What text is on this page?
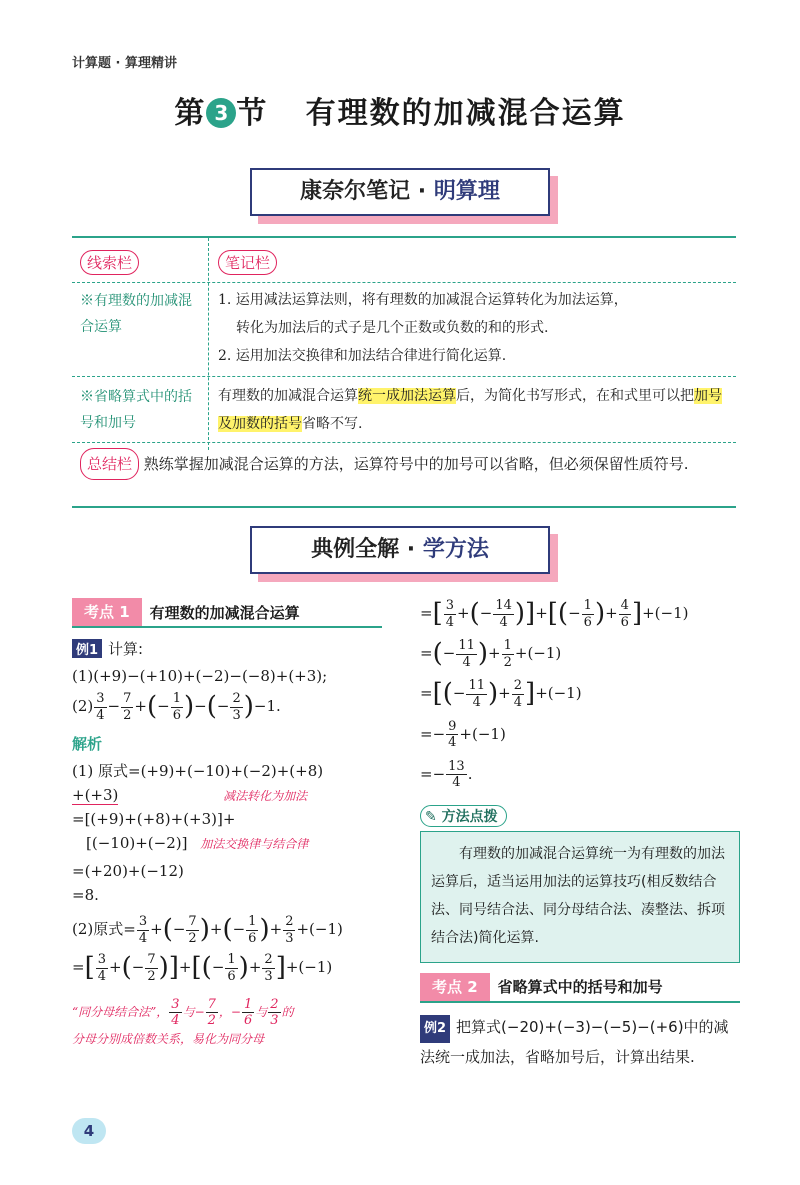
计算题 · 算理精讲
第 3 节 有理数的加减混合运算
康奈尔笔记 · 明算理
线索栏	笔记栏
※有理数的加减混合运算
1. 运用减法运算法则，将有理数的加减混合运算转化为加法运算，
转化为加法后的式子是几个正数或负数的和的形式.
2. 运用加法交换律和加法结合律进行简化运算.
※省略算式中的括号和加号
有理数的加减混合运算统一成加法运算后，为简化书写形式，在和式里可以把加号及加数的括号省略不写.
总结栏 熟练掌握加减混合运算的方法，运算符号中的加号可以省略，但必须保留性质符号.
典例全解 · 学方法
考点 1	有理数的加减混合运算
例1 计算:
(1)(+9)−(+10)+(−2)−(−8)+(+3);
$(2) \frac{3}{4} - \frac{7}{2}$ +(− $\frac{1}{6}$ )−(− $\frac{2}{3} )-1$.
解析
(1) 原式=(+9)+(−10)+(−2)+(+8)
+(+3)	减法转化为加法
=[(+9)+(+8)+(+3)]+
[(−10)+(−2)] 加法交换律与结合律
=(+20)+(−12)
=8.
(2)原式= $\frac{3}{4}$ +(− $\frac{7}{2}$ )+(− $\frac{1}{6}$ )+ $\frac{2}{3} +(-1)$
=[ $\frac{3}{4}$ +(− $\frac{7}{2}$ )]+[(− $\frac{1}{6}$ )+ $\frac{2}{3} ]+(-1)$
“同分母结合法”， $\frac{3}{4}$ 与− $\frac{7}{2}$ ，− $\frac{1}{6}$ 与 $\frac{2}{3}$ 的
分母分别成倍数关系，易化为同分母
=[ $\frac{3}{4}$ +(− $\frac{14}{4}$ )]+[(− $\frac{1}{6}$ )+ $\frac{4}{6} ]+(-1)$
=(− $\frac{11}{4}$ )+ $\frac{1}{2} +(-1)$
=[(− $\frac{11}{4}$ )+ $\frac{2}{4} ]+(-1)$
=− $\frac{9}{4} +(-1)$
=− $\frac{13}{4}$ .
✎ 方法点拨
有理数的加减混合运算统一为有理数的加法运算后，适当运用加法的运算技巧(相反数结合法、同号结合法、同分母结合法、凑整法、拆项结合法)简化运算.
考点 2	省略算式中的括号和加号
例2 把算式(−20)+(−3)−(−5)−(+6)中的减法统一成加法，省略加号后，计算出结果.
4
